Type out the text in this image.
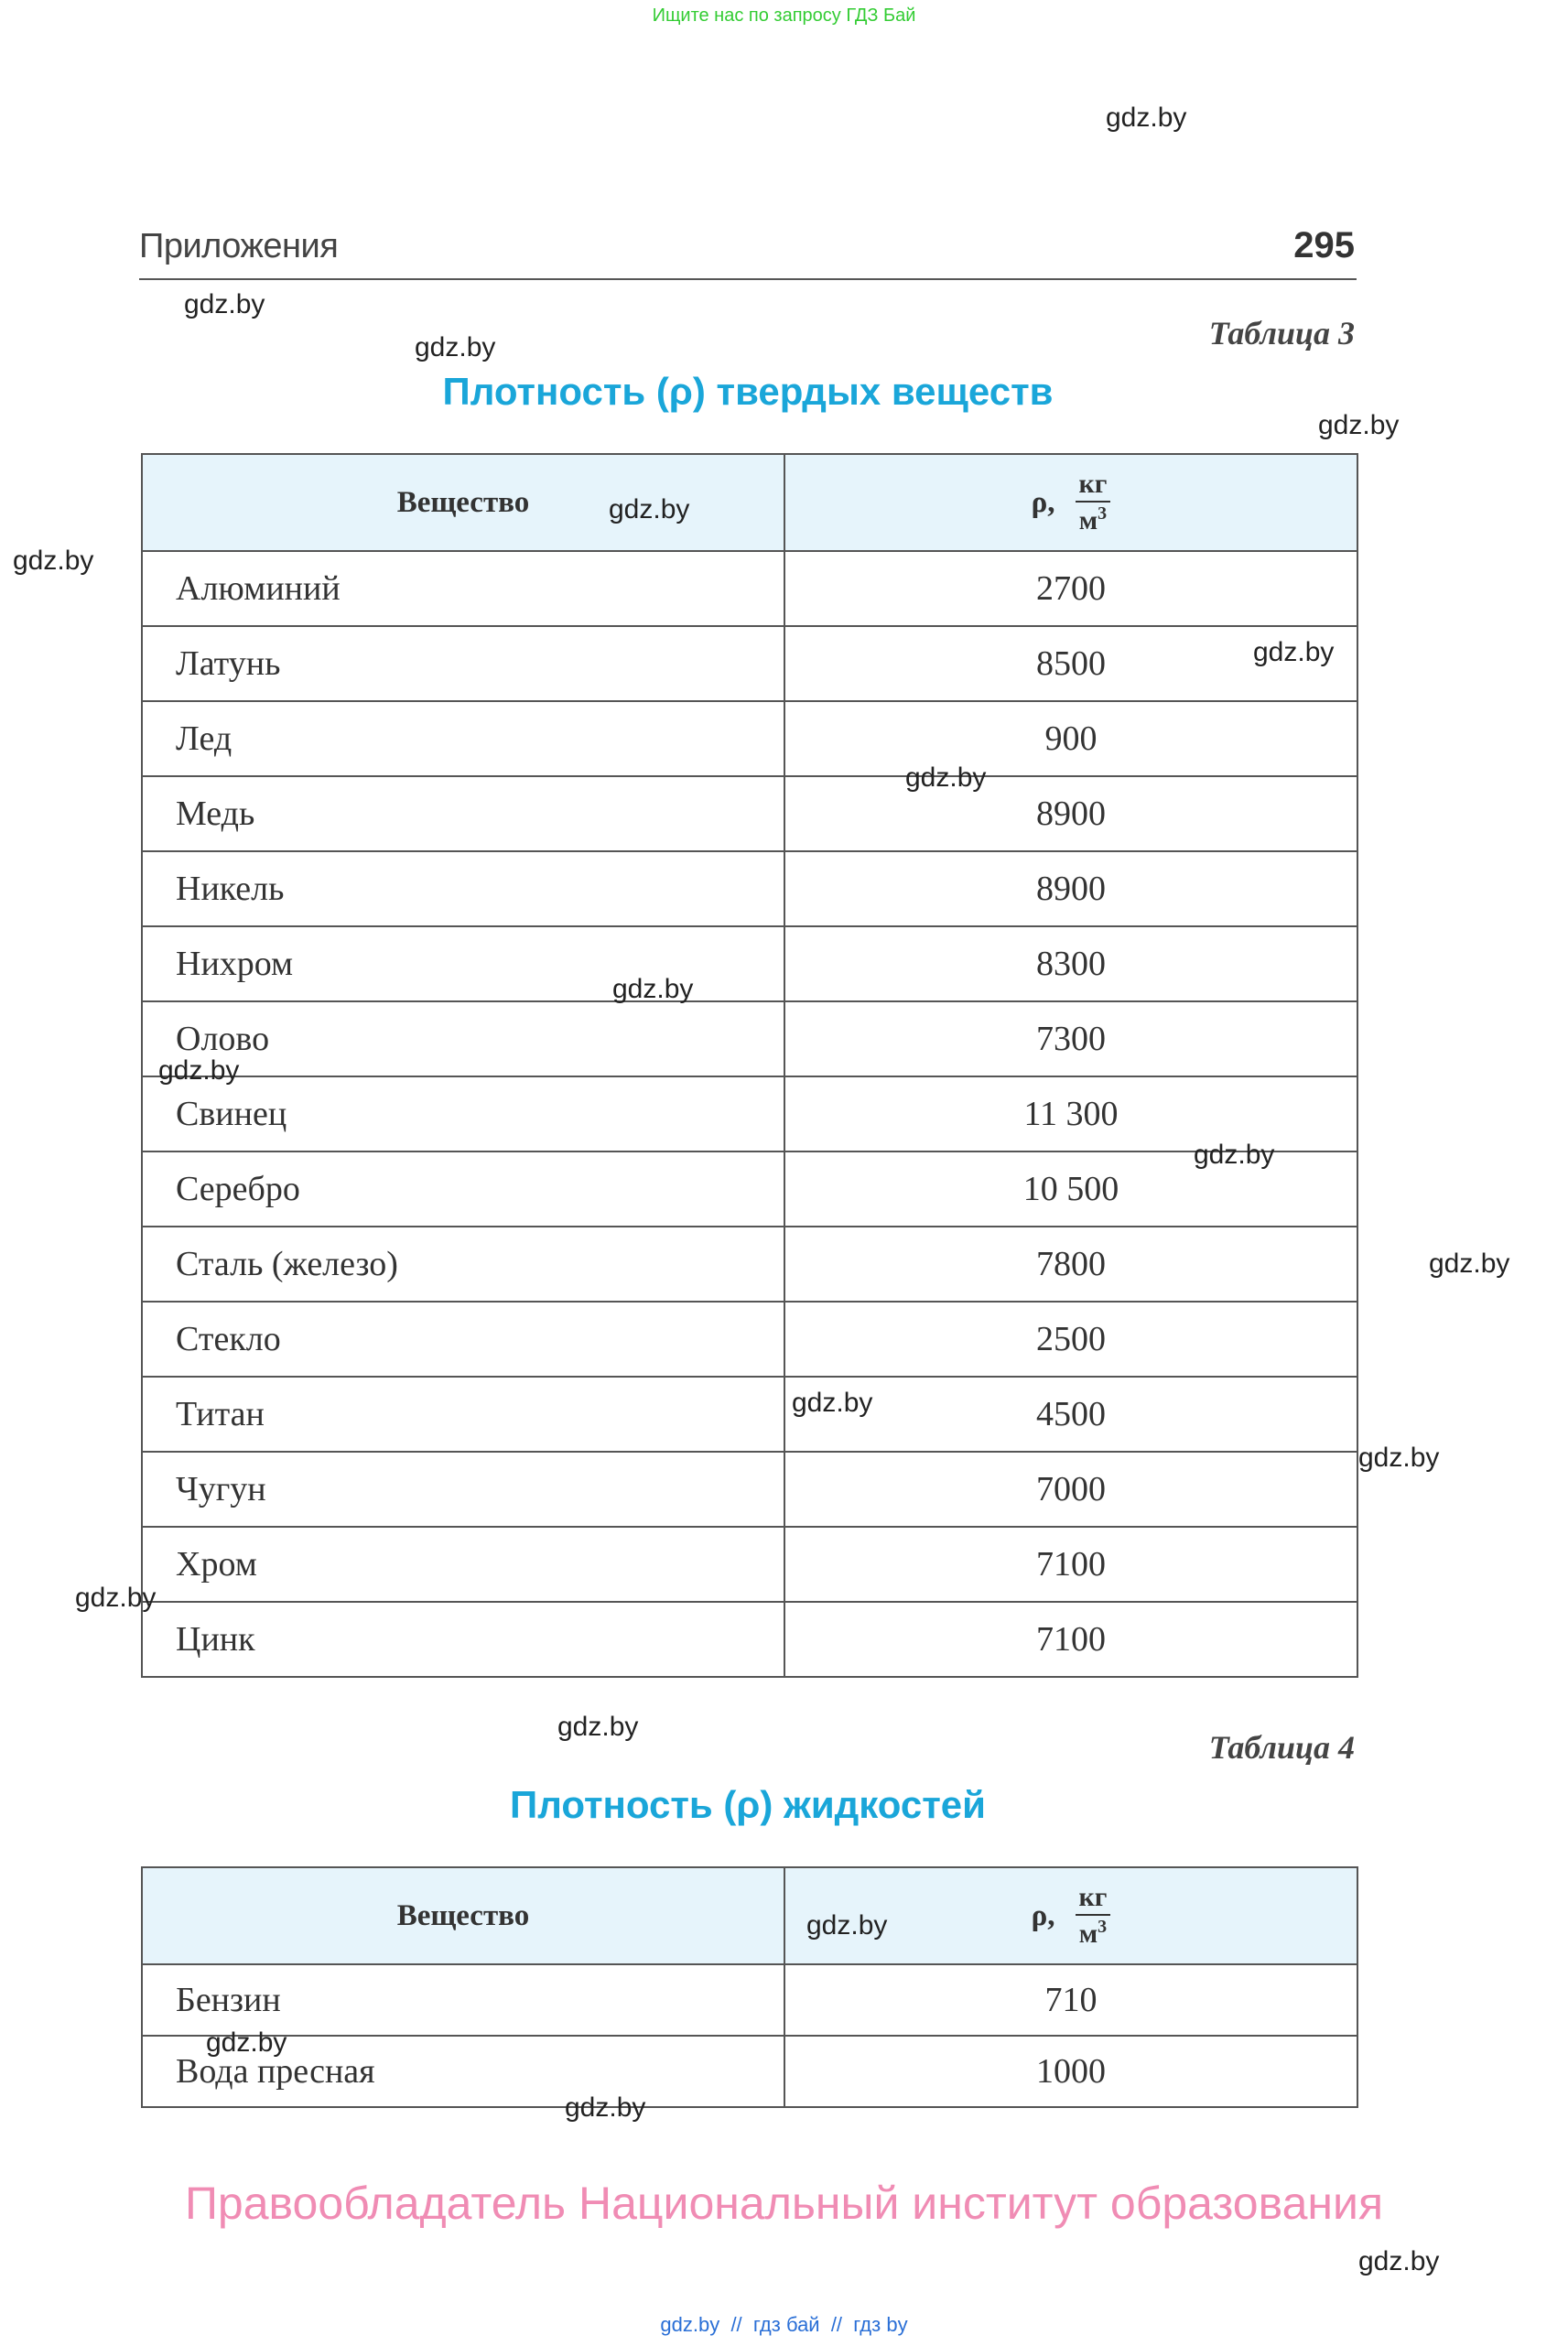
Ищите нас по запросу ГДЗ Бай
Приложения	295
Таблица 3
Плотность (ρ) твердых веществ
Вещество	ρ, $\frac{кг}{м^3}$

Алюминий	2700
Латунь	8500
Лед	900
Медь	8900
Никель	8900
Нихром	8300
Олово	7300
Свинец	11 300
Серебро	10 500
Сталь (железо)	7800
Стекло	2500
Титан	4500
Чугун	7000
Хром	7100
Цинк	7100
Таблица 4
Плотность (ρ) жидкостей
Вещество	ρ, $\frac{кг}{м^3}$

Бензин	710
Вода пресная	1000
gdz.by
gdz.by
gdz.by
gdz.by
gdz.by
gdz.by
gdz.by
gdz.by
gdz.by
gdz.by
gdz.by
gdz.by
gdz.by
gdz.by
gdz.by
gdz.by
gdz.by
gdz.by
gdz.by
gdz.by
Правообладатель Национальный институт образования
gdz.by  //  гдз бай  //  гдз by
